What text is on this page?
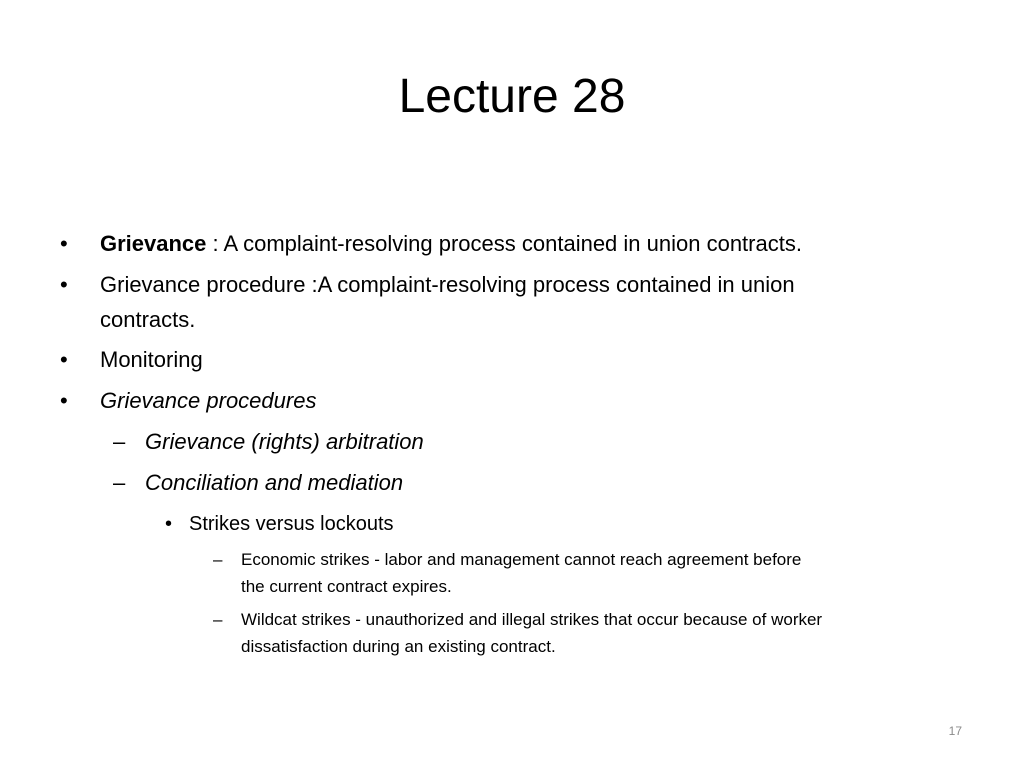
Lecture 28
• Grievance : A complaint-resolving process contained in union contracts.
• Grievance procedure :A complaint-resolving process contained in union
contracts.
• Monitoring
• Grievance procedures
– Grievance (rights) arbitration
– Conciliation and mediation
• Strikes versus lockouts
– Economic strikes - labor and management cannot reach agreement before
the current contract expires.
– Wildcat strikes - unauthorized and illegal strikes that occur because of worker
dissatisfaction during an existing contract.
17
